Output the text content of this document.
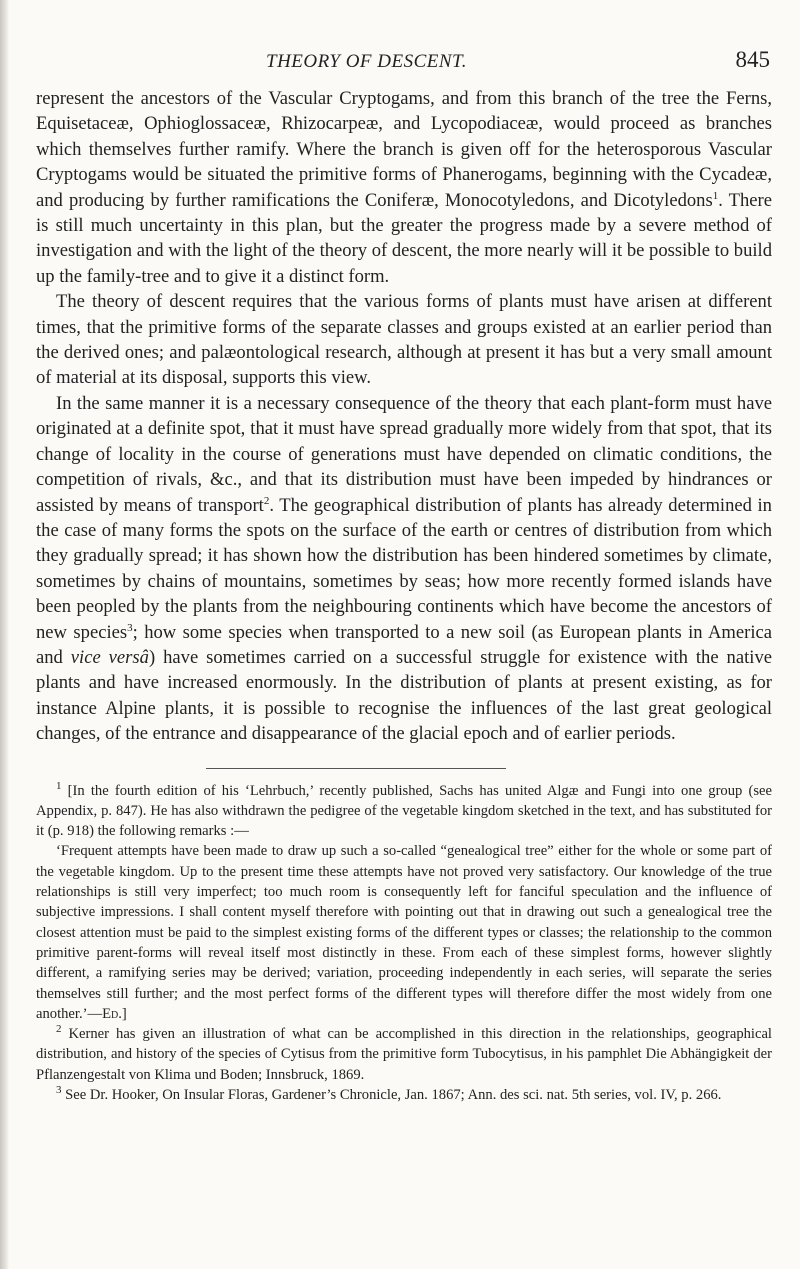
THEORY OF DESCENT.	845

represent the ancestors of the Vascular Cryptogams, and from this branch of the tree the Ferns, Equisetaceæ, Ophioglossaceæ, Rhizocarpeæ, and Lycopodiaceæ, would proceed as branches which themselves further ramify. Where the branch is given off for the heterosporous Vascular Cryptogams would be situated the primitive forms of Phanerogams, beginning with the Cycadeæ, and producing by further ramifications the Coniferæ, Monocotyledons, and Dicotyledons$^1$. There is still much uncertainty in this plan, but the greater the progress made by a severe method of investigation and with the light of the theory of descent, the more nearly will it be possible to build up the family-tree and to give it a distinct form.

The theory of descent requires that the various forms of plants must have arisen at different times, that the primitive forms of the separate classes and groups existed at an earlier period than the derived ones; and palæontological research, although at present it has but a very small amount of material at its disposal, supports this view.

In the same manner it is a necessary consequence of the theory that each plant-form must have originated at a definite spot, that it must have spread gradually more widely from that spot, that its change of locality in the course of generations must have depended on climatic conditions, the competition of rivals, &c., and that its distribution must have been impeded by hindrances or assisted by means of transport$^2$. The geographical distribution of plants has already determined in the case of many forms the spots on the surface of the earth or centres of distribution from which they gradually spread; it has shown how the distribution has been hindered sometimes by climate, sometimes by chains of mountains, sometimes by seas; how more recently formed islands have been peopled by the plants from the neighbouring continents which have become the ancestors of new species$^3$; how some species when transported to a new soil (as European plants in America and vice versâ) have sometimes carried on a successful struggle for existence with the native plants and have increased enormously. In the distribution of plants at present existing, as for instance Alpine plants, it is possible to recognise the influences of the last great geological changes, of the entrance and disappearance of the glacial epoch and of earlier periods.

$^1$ [In the fourth edition of his ‘Lehrbuch,’ recently published, Sachs has united Algæ and Fungi into one group (see Appendix, p. 847). He has also withdrawn the pedigree of the vegetable kingdom sketched in the text, and has substituted for it (p. 918) the following remarks :—

‘Frequent attempts have been made to draw up such a so-called “genealogical tree” either for the whole or some part of the vegetable kingdom. Up to the present time these attempts have not proved very satisfactory. Our knowledge of the true relationships is still very imperfect; too much room is consequently left for fanciful speculation and the influence of subjective impressions. I shall content myself therefore with pointing out that in drawing out such a genealogical tree the closest attention must be paid to the simplest existing forms of the different types or classes; the relationship to the common primitive parent-forms will reveal itself most distinctly in these. From each of these simplest forms, however slightly different, a ramifying series may be derived; variation, proceeding independently in each series, will separate the series themselves still further; and the most perfect forms of the different types will therefore differ the most widely from one another.’—Ed.]

$^2$ Kerner has given an illustration of what can be accomplished in this direction in the relationships, geographical distribution, and history of the species of Cytisus from the primitive form Tubocytisus, in his pamphlet Die Abhängigkeit der Pflanzengestalt von Klima und Boden; Innsbruck, 1869.

$^3$ See Dr. Hooker, On Insular Floras, Gardener’s Chronicle, Jan. 1867; Ann. des sci. nat. 5th series, vol. IV, p. 266.
